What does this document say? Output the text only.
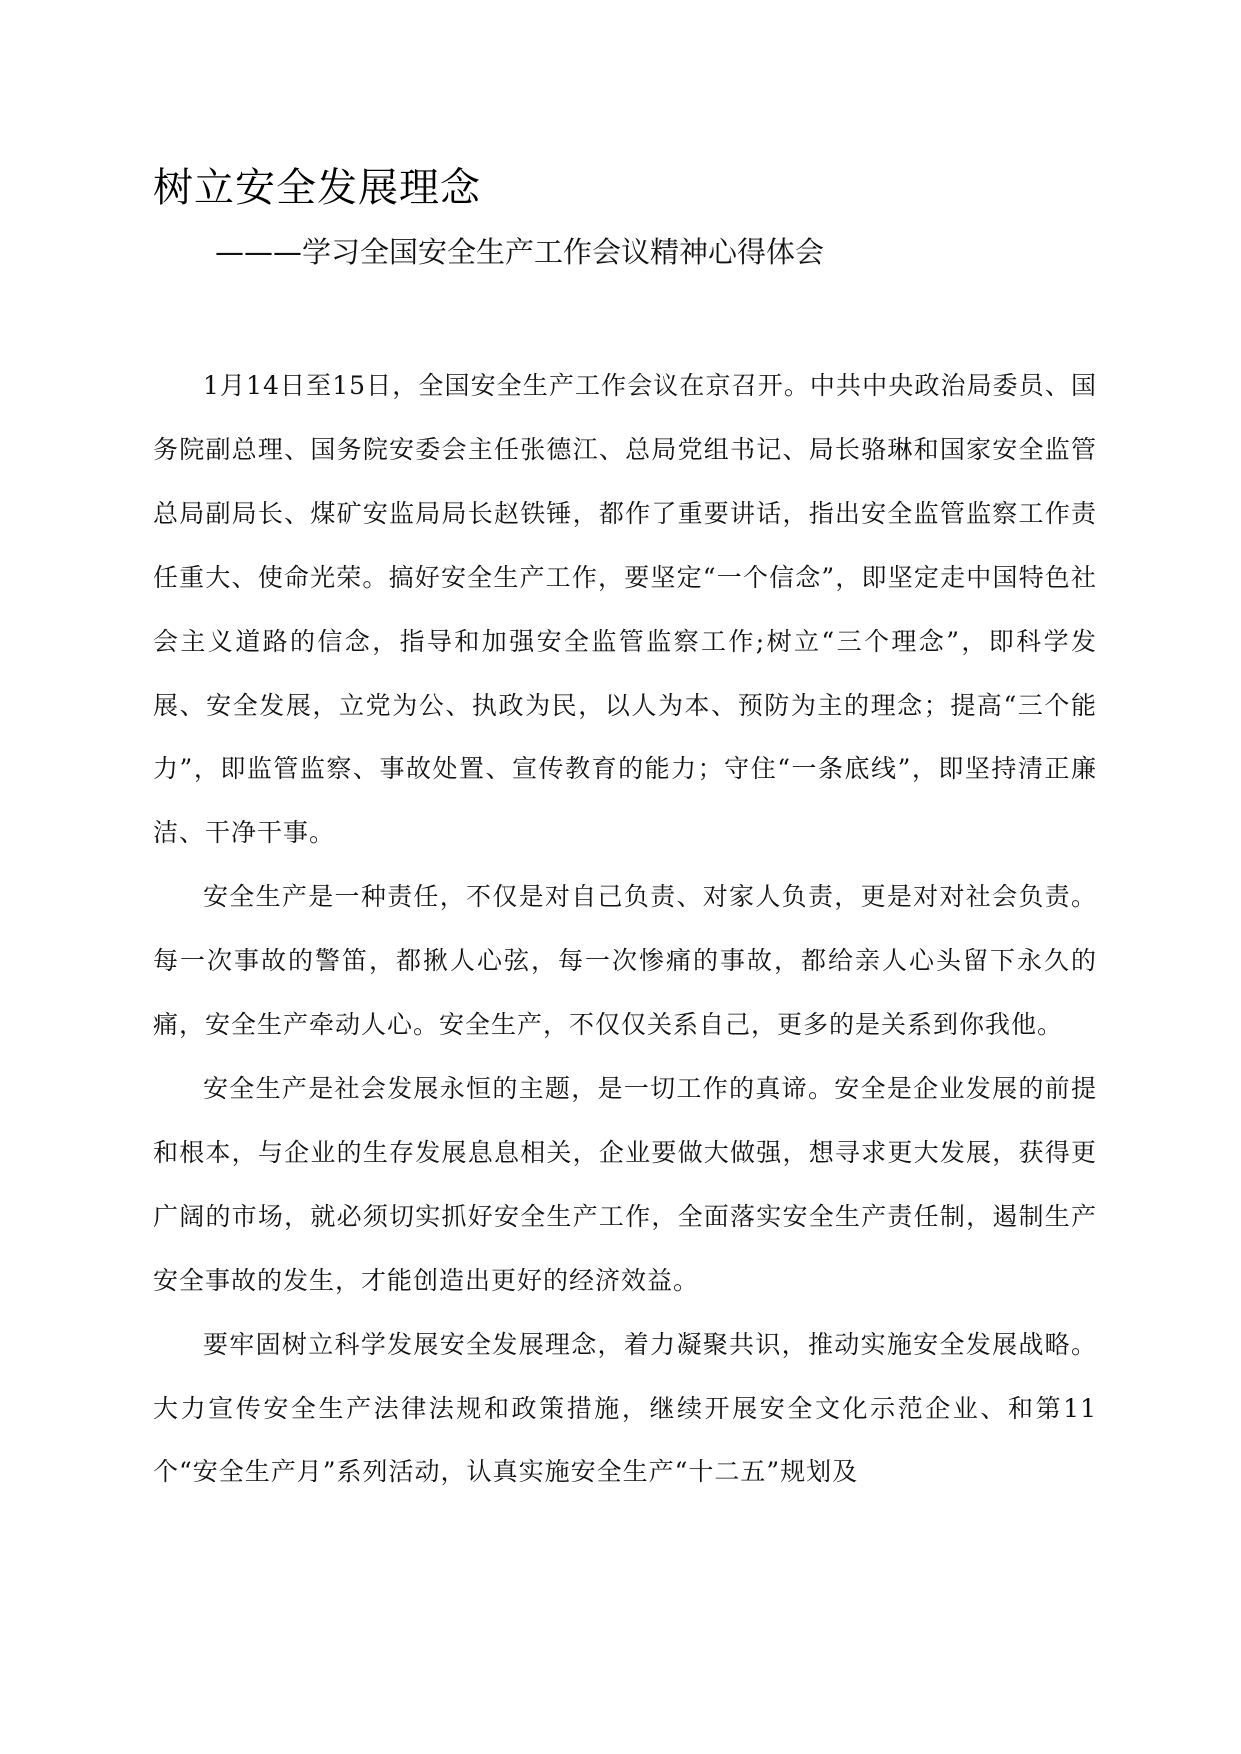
树立安全发展理念
———学习全国安全生产工作会议精神心得体会

1月14日至15日，全国安全生产工作会议在京召开。中共中央政治局委员、国务院副总理、国务院安委会主任张德江、总局党组书记、局长骆琳和国家安全监管总局副局长、煤矿安监局局长赵铁锤，都作了重要讲话，指出安全监管监察工作责任重大、使命光荣。搞好安全生产工作，要坚定“一个信念”，即坚定走中国特色社会主义道路的信念，指导和加强安全监管监察工作;树立“三个理念”，即科学发展、安全发展，立党为公、执政为民，以人为本、预防为主的理念；提高“三个能力”，即监管监察、事故处置、宣传教育的能力；守住“一条底线”，即坚持清正廉洁、干净干事。

安全生产是一种责任，不仅是对自己负责、对家人负责，更是对对社会负责。每一次事故的警笛，都揪人心弦，每一次惨痛的事故，都给亲人心头留下永久的痛，安全生产牵动人心。安全生产，不仅仅关系自己，更多的是关系到你我他。

安全生产是社会发展永恒的主题，是一切工作的真谛。安全是企业发展的前提和根本，与企业的生存发展息息相关，企业要做大做强，想寻求更大发展，获得更广阔的市场，就必须切实抓好安全生产工作，全面落实安全生产责任制，遏制生产安全事故的发生，才能创造出更好的经济效益。

要牢固树立科学发展安全发展理念，着力凝聚共识，推动实施安全发展战略。大力宣传安全生产法律法规和政策措施，继续开展安全文化示范企业、和第11个“安全生产月”系列活动，认真实施安全生产“十二五”规划及
